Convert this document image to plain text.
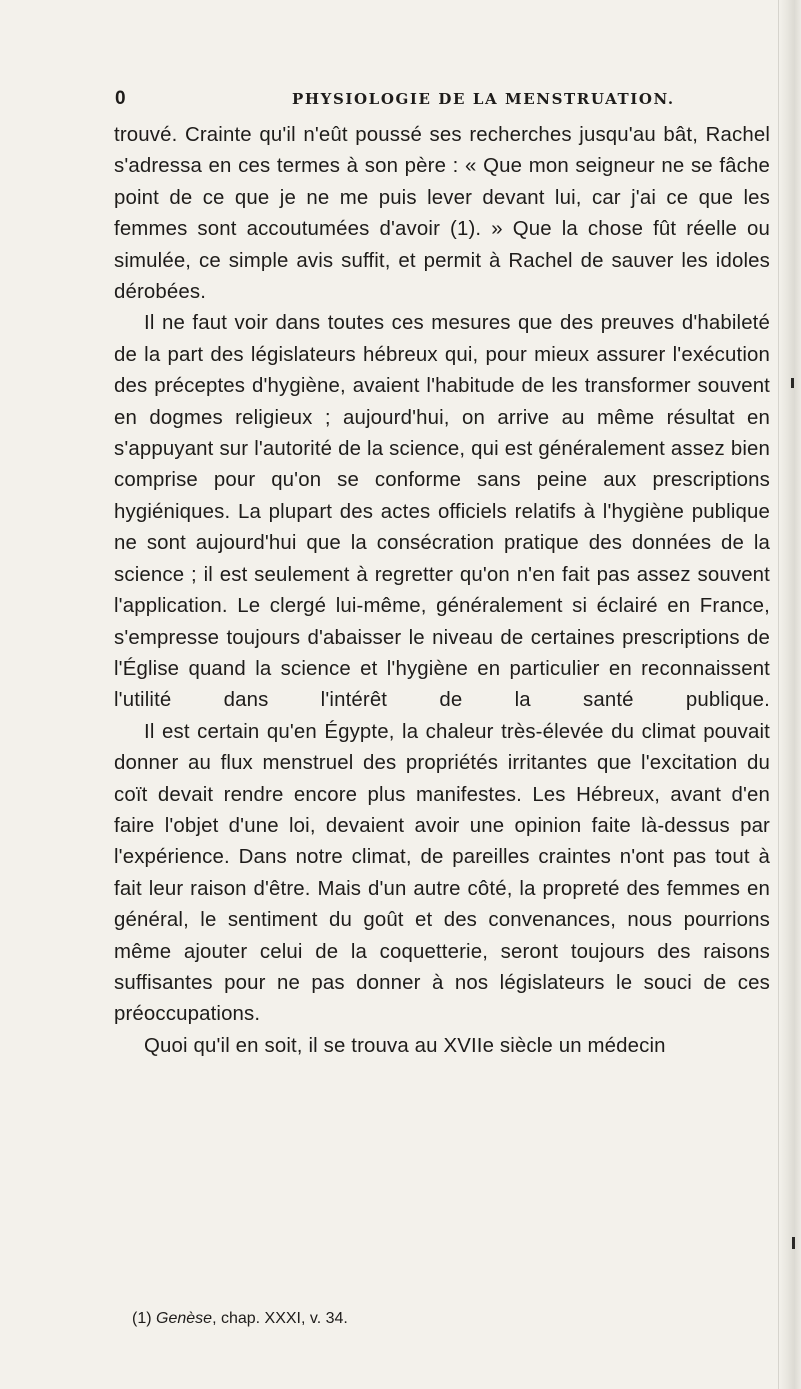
0	PHYSIOLOGIE DE LA MENSTRUATION.

trouvé. Crainte qu'il n'eût poussé ses recherches jusqu'au bât, Rachel s'adressa en ces termes à son père : « Que mon seigneur ne se fâche point de ce que je ne me puis lever devant lui, car j'ai ce que les femmes sont accoutumées d'avoir (1). » Que la chose fût réelle ou simulée, ce simple avis suffit, et permit à Rachel de sauver les idoles dérobées.

Il ne faut voir dans toutes ces mesures que des preuves d'habileté de la part des législateurs hébreux qui, pour mieux assurer l'exécution des préceptes d'hygiène, avaient l'habitude de les transformer souvent en dogmes religieux ; aujourd'hui, on arrive au même résultat en s'appuyant sur l'autorité de la science, qui est généralement assez bien comprise pour qu'on se conforme sans peine aux prescriptions hygiéniques. La plupart des actes officiels relatifs à l'hygiène publique ne sont aujourd'hui que la consécration pratique des données de la science ; il est seulement à regretter qu'on n'en fait pas assez souvent l'application. Le clergé lui-même, généralement si éclairé en France, s'empresse toujours d'abaisser le niveau de certaines prescriptions de l'Église quand la science et l'hygiène en particulier en reconnaissent l'utilité dans l'intérêt de la santé publique.

Il est certain qu'en Égypte, la chaleur très-élevée du climat pouvait donner au flux menstruel des propriétés irritantes que l'excitation du coït devait rendre encore plus manifestes. Les Hébreux, avant d'en faire l'objet d'une loi, devaient avoir une opinion faite là-dessus par l'expérience. Dans notre climat, de pareilles craintes n'ont pas tout à fait leur raison d'être. Mais d'un autre côté, la propreté des femmes en général, le sentiment du goût et des convenances, nous pourrions même ajouter celui de la coquetterie, seront toujours des raisons suffisantes pour ne pas donner à nos législateurs le souci de ces préoccupations.

Quoi qu'il en soit, il se trouva au XVIIe siècle un médecin

(1) Genèse, chap. XXXI, v. 34.
